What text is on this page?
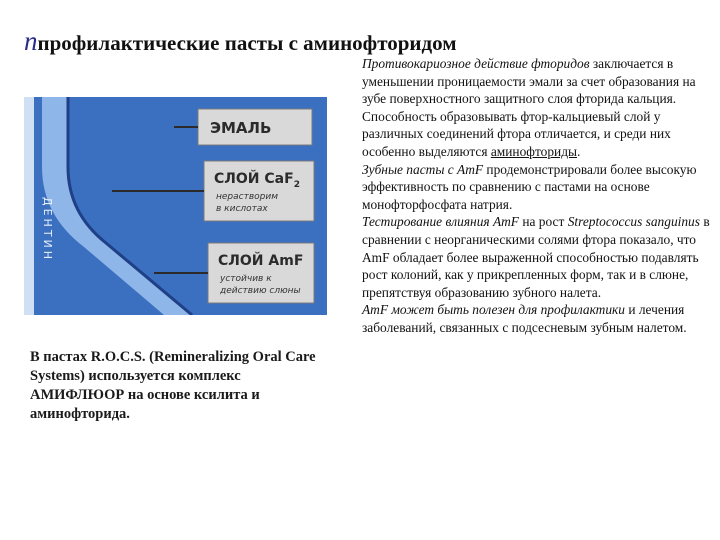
nпрофилактические пасты с аминофторидом
ДЕНТИН
ЭМАЛЬ
СЛОЙ CaF$_2$
нерастворим
в кислотах
СЛОЙ AmF
устойчив к
действию слюны
В пастах R.O.C.S. (Remineralizing Oral Care Systems) используется комплекс АМИФЛЮОР на основе ксилита и аминофторида.

Противокариозное действие фторидов заключается в уменьшении проницаемости эмали за счет образования на зубе поверхностного защитного слоя фторида кальция. Способность образовывать фтор-кальциевый слой у различных соединений фтора отличается, и среди них особенно выделяются аминофториды.

Зубные пасты с AmF продемонстрировали более высокую эффективность по сравнению с пастами на основе монофторфосфата натрия.

Тестирование влияния AmF на рост Streptococcus sanguinus в сравнении с неорганическими солями фтора показало, что AmF обладает более выраженной способностью подавлять рост колоний, как у прикрепленных форм, так и в слюне, препятствуя образованию зубного налета.

AmF может быть полезен для профилактики и лечения заболеваний, связанных с подсесневым зубным налетом.
